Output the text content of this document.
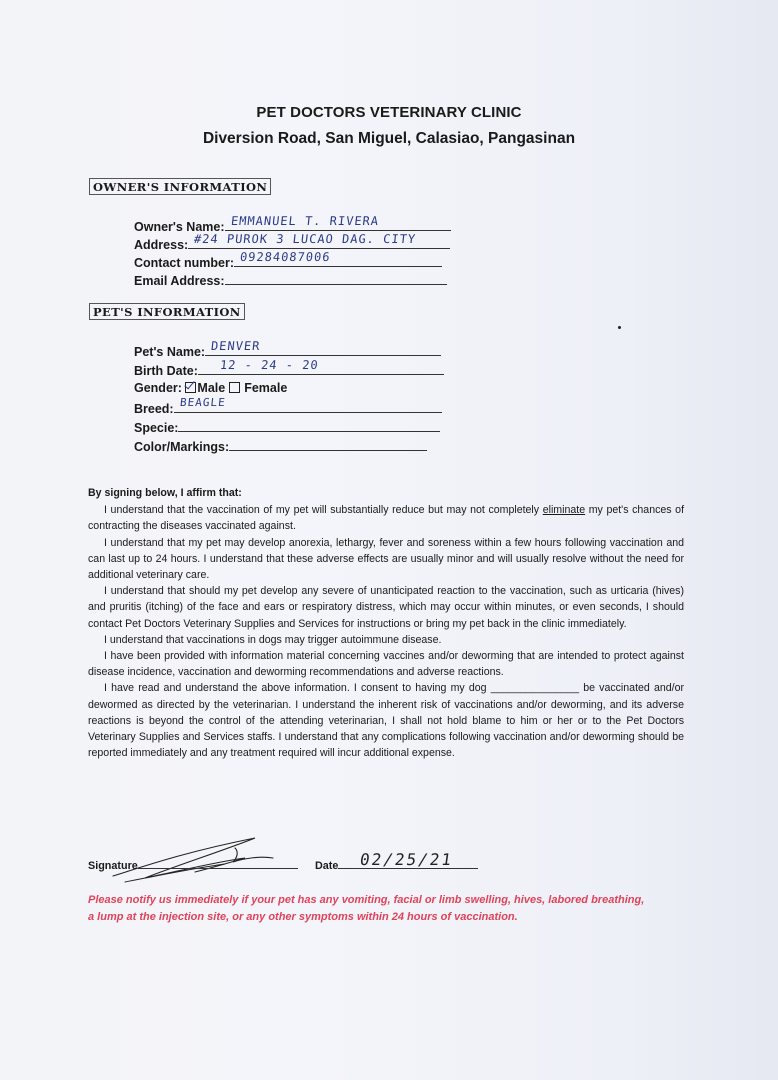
PET DOCTORS VETERINARY CLINIC
Diversion Road, San Miguel, Calasiao, Pangasinan
OWNER'S INFORMATION
Owner's Name: EMMANUEL T. RIVERA
Address: #24 PUROK 3 LUCAO DAG. CITY
Contact number: 09284087006
Email Address:
PET'S INFORMATION
Pet's Name: DENVER
Birth Date: 12 - 24 - 20
Gender: Male Female
Breed: BEAGLE
Specie:
Color/Markings:

By signing below, I affirm that:

I understand that the vaccination of my pet will substantially reduce but may not completely eliminate my pet's chances of contracting the diseases vaccinated against.

I understand that my pet may develop anorexia, lethargy, fever and soreness within a few hours following vaccination and can last up to 24 hours. I understand that these adverse effects are usually minor and will usually resolve without the need for additional veterinary care.

I understand that should my pet develop any severe of unanticipated reaction to the vaccination, such as urticaria (hives) and pruritis (itching) of the face and ears or respiratory distress, which may occur within minutes, or even seconds, I should contact Pet Doctors Veterinary Supplies and Services for instructions or bring my pet back in the clinic immediately.

I understand that vaccinations in dogs may trigger autoimmune disease.

I have been provided with information material concerning vaccines and/or deworming that are intended to protect against disease incidence, vaccination and deworming recommendations and adverse reactions.

I have read and understand the above information. I consent to having my dog _______________ be vaccinated and/or dewormed as directed by the veterinarian. I understand the inherent risk of vaccinations and/or deworming, and its adverse reactions is beyond the control of the attending veterinarian, I shall not hold blame to him or her or to the Pet Doctors Veterinary Supplies and Services staffs. I understand that any complications following vaccination and/or deworming should be reported immediately and any treatment required will incur additional expense.

Signature	Date 02/25/21
Please notify us immediately if your pet has any vomiting, facial or limb swelling, hives, labored breathing, a lump at the injection site, or any other symptoms within 24 hours of vaccination.
